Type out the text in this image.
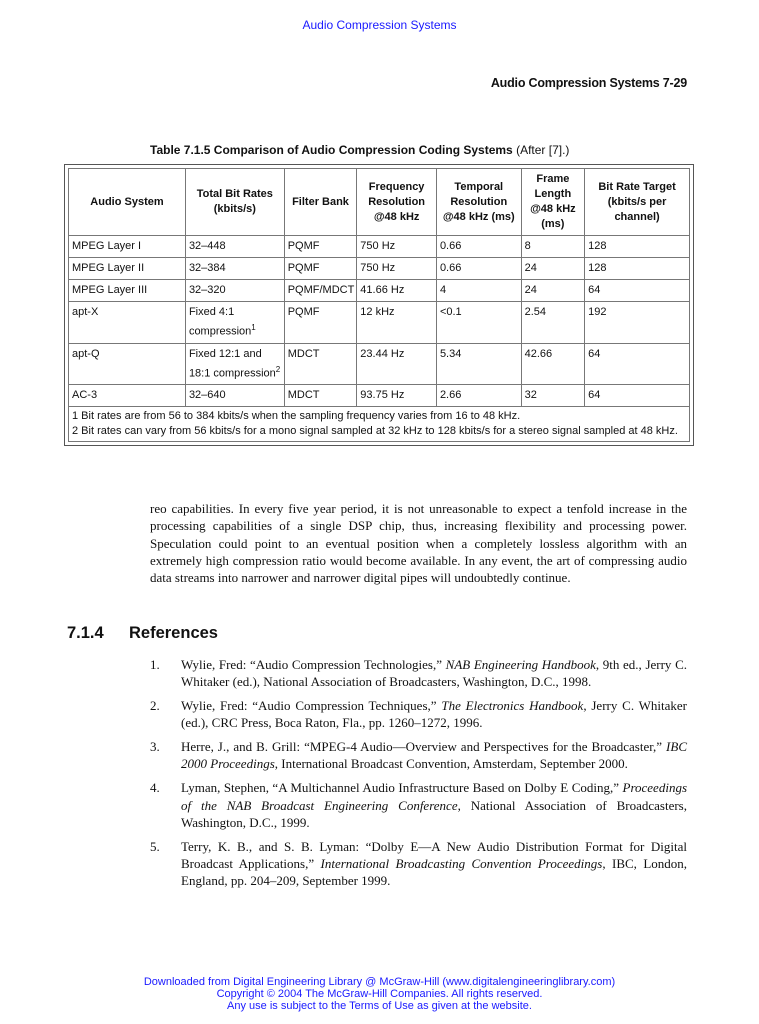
Audio Compression Systems
Audio Compression Systems 7-29
Table 7.1.5 Comparison of Audio Compression Coding Systems (After [7].)
Audio System	Total Bit Rates (kbits/s)	Filter Bank	Frequency Resolution @48 kHz	Temporal Resolution @48 kHz (ms)	Frame Length @48 kHz (ms)	Bit Rate Target (kbits/s per channel)
MPEG Layer I	32–448	PQMF	750 Hz	0.66	8	128
MPEG Layer II	32–384	PQMF	750 Hz	0.66	24	128
MPEG Layer III	32–320	PQMF/MDCT	41.66 Hz	4	24	64
apt-X	Fixed 4:1 compression$^1$	PQMF	12 kHz	<0.1	2.54	192
apt-Q	Fixed 12:1 and 18:1 compression$^2$	MDCT	23.44 Hz	5.34	42.66	64
AC-3	32–640	MDCT	93.75 Hz	2.66	32	64

1 Bit rates are from 56 to 384 kbits/s when the sampling frequency varies from 16 to 48 kHz.
2 Bit rates can vary from 56 kbits/s for a mono signal sampled at 32 kHz to 128 kbits/s for a stereo signal sampled at 48 kHz.						
reo capabilities. In every five year period, it is not unreasonable to expect a tenfold increase in the processing capabilities of a single DSP chip, thus, increasing flexibility and processing power. Speculation could point to an eventual position when a completely lossless algorithm with an extremely high compression ratio would become available. In any event, the art of compressing audio data streams into narrower and narrower digital pipes will undoubtedly continue.
7.1.4 References
1.	Wylie, Fred: “Audio Compression Technologies,” NAB Engineering Handbook, 9th ed., Jerry C. Whitaker (ed.), National Association of Broadcasters, Washington, D.C., 1998.
2.	Wylie, Fred: “Audio Compression Techniques,” The Electronics Handbook, Jerry C. Whitaker (ed.), CRC Press, Boca Raton, Fla., pp. 1260–1272, 1996.
3.	Herre, J., and B. Grill: “MPEG-4 Audio—Overview and Perspectives for the Broadcaster,” IBC 2000 Proceedings, International Broadcast Convention, Amsterdam, September 2000.
4.	Lyman, Stephen, “A Multichannel Audio Infrastructure Based on Dolby E Coding,” Proceedings of the NAB Broadcast Engineering Conference, National Association of Broadcasters, Washington, D.C., 1999.
5.	Terry, K. B., and S. B. Lyman: “Dolby E—A New Audio Distribution Format for Digital Broadcast Applications,” International Broadcasting Convention Proceedings, IBC, London, England, pp. 204–209, September 1999.
Downloaded from Digital Engineering Library @ McGraw-Hill (www.digitalengineeringlibrary.com)
Copyright © 2004 The McGraw-Hill Companies. All rights reserved.
Any use is subject to the Terms of Use as given at the website.
